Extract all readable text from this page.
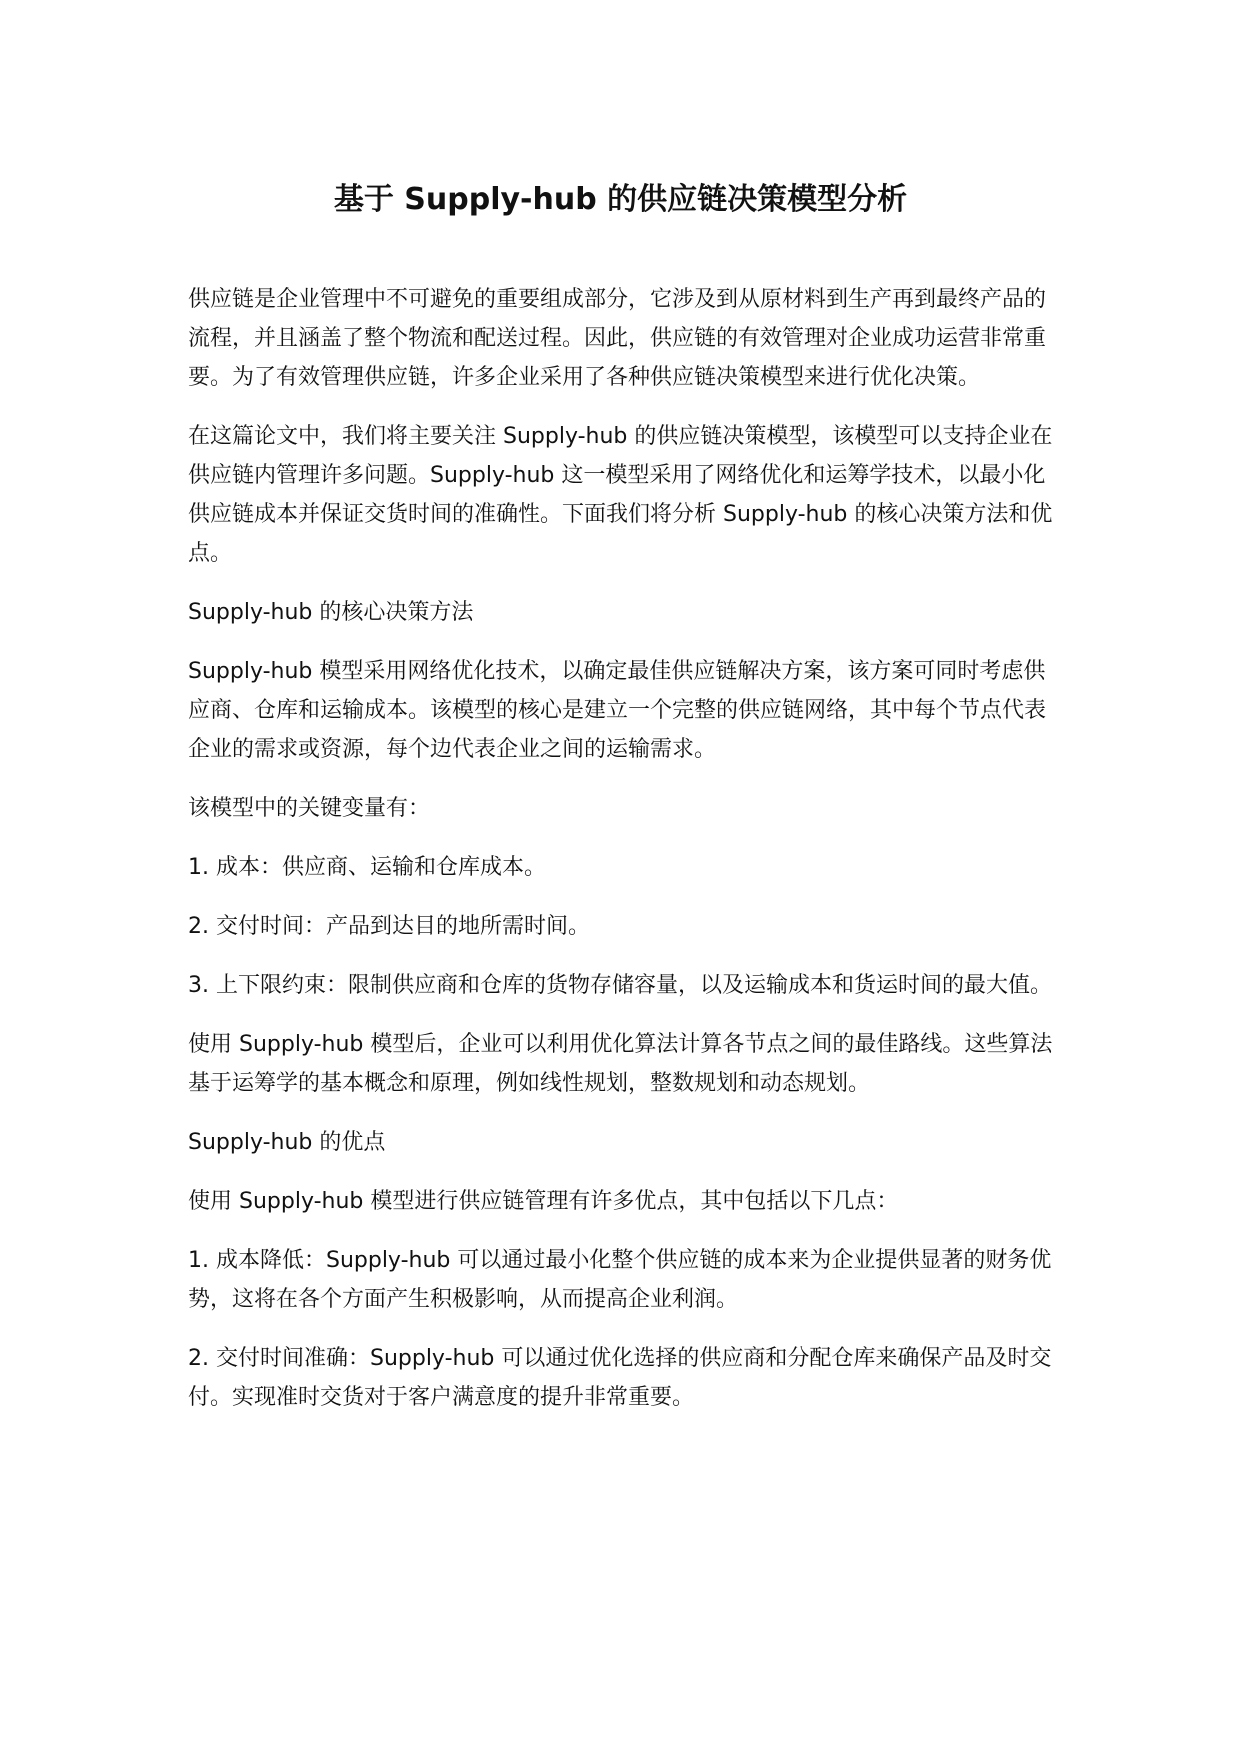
基于 Supply-hub 的供应链决策模型分析

供应链是企业管理中不可避免的重要组成部分，它涉及到从原材料到生产再到最终产品的流程，并且涵盖了整个物流和配送过程。因此，供应链的有效管理对企业成功运营非常重要。为了有效管理供应链，许多企业采用了各种供应链决策模型来进行优化决策。

在这篇论文中，我们将主要关注 Supply-hub 的供应链决策模型，该模型可以支持企业在供应链内管理许多问题。Supply-hub 这一模型采用了网络优化和运筹学技术，以最小化供应链成本并保证交货时间的准确性。下面我们将分析 Supply-hub 的核心决策方法和优点。

Supply-hub 的核心决策方法

Supply-hub 模型采用网络优化技术，以确定最佳供应链解决方案，该方案可同时考虑供应商、仓库和运输成本。该模型的核心是建立一个完整的供应链网络，其中每个节点代表企业的需求或资源，每个边代表企业之间的运输需求。

该模型中的关键变量有：

1. 成本：供应商、运输和仓库成本。

2. 交付时间：产品到达目的地所需时间。

3. 上下限约束：限制供应商和仓库的货物存储容量，以及运输成本和货运时间的最大值。

使用 Supply-hub 模型后，企业可以利用优化算法计算各节点之间的最佳路线。这些算法基于运筹学的基本概念和原理，例如线性规划，整数规划和动态规划。

Supply-hub 的优点

使用 Supply-hub 模型进行供应链管理有许多优点，其中包括以下几点：

1. 成本降低：Supply-hub 可以通过最小化整个供应链的成本来为企业提供显著的财务优势，这将在各个方面产生积极影响，从而提高企业利润。

2. 交付时间准确：Supply-hub 可以通过优化选择的供应商和分配仓库来确保产品及时交付。实现准时交货对于客户满意度的提升非常重要。
